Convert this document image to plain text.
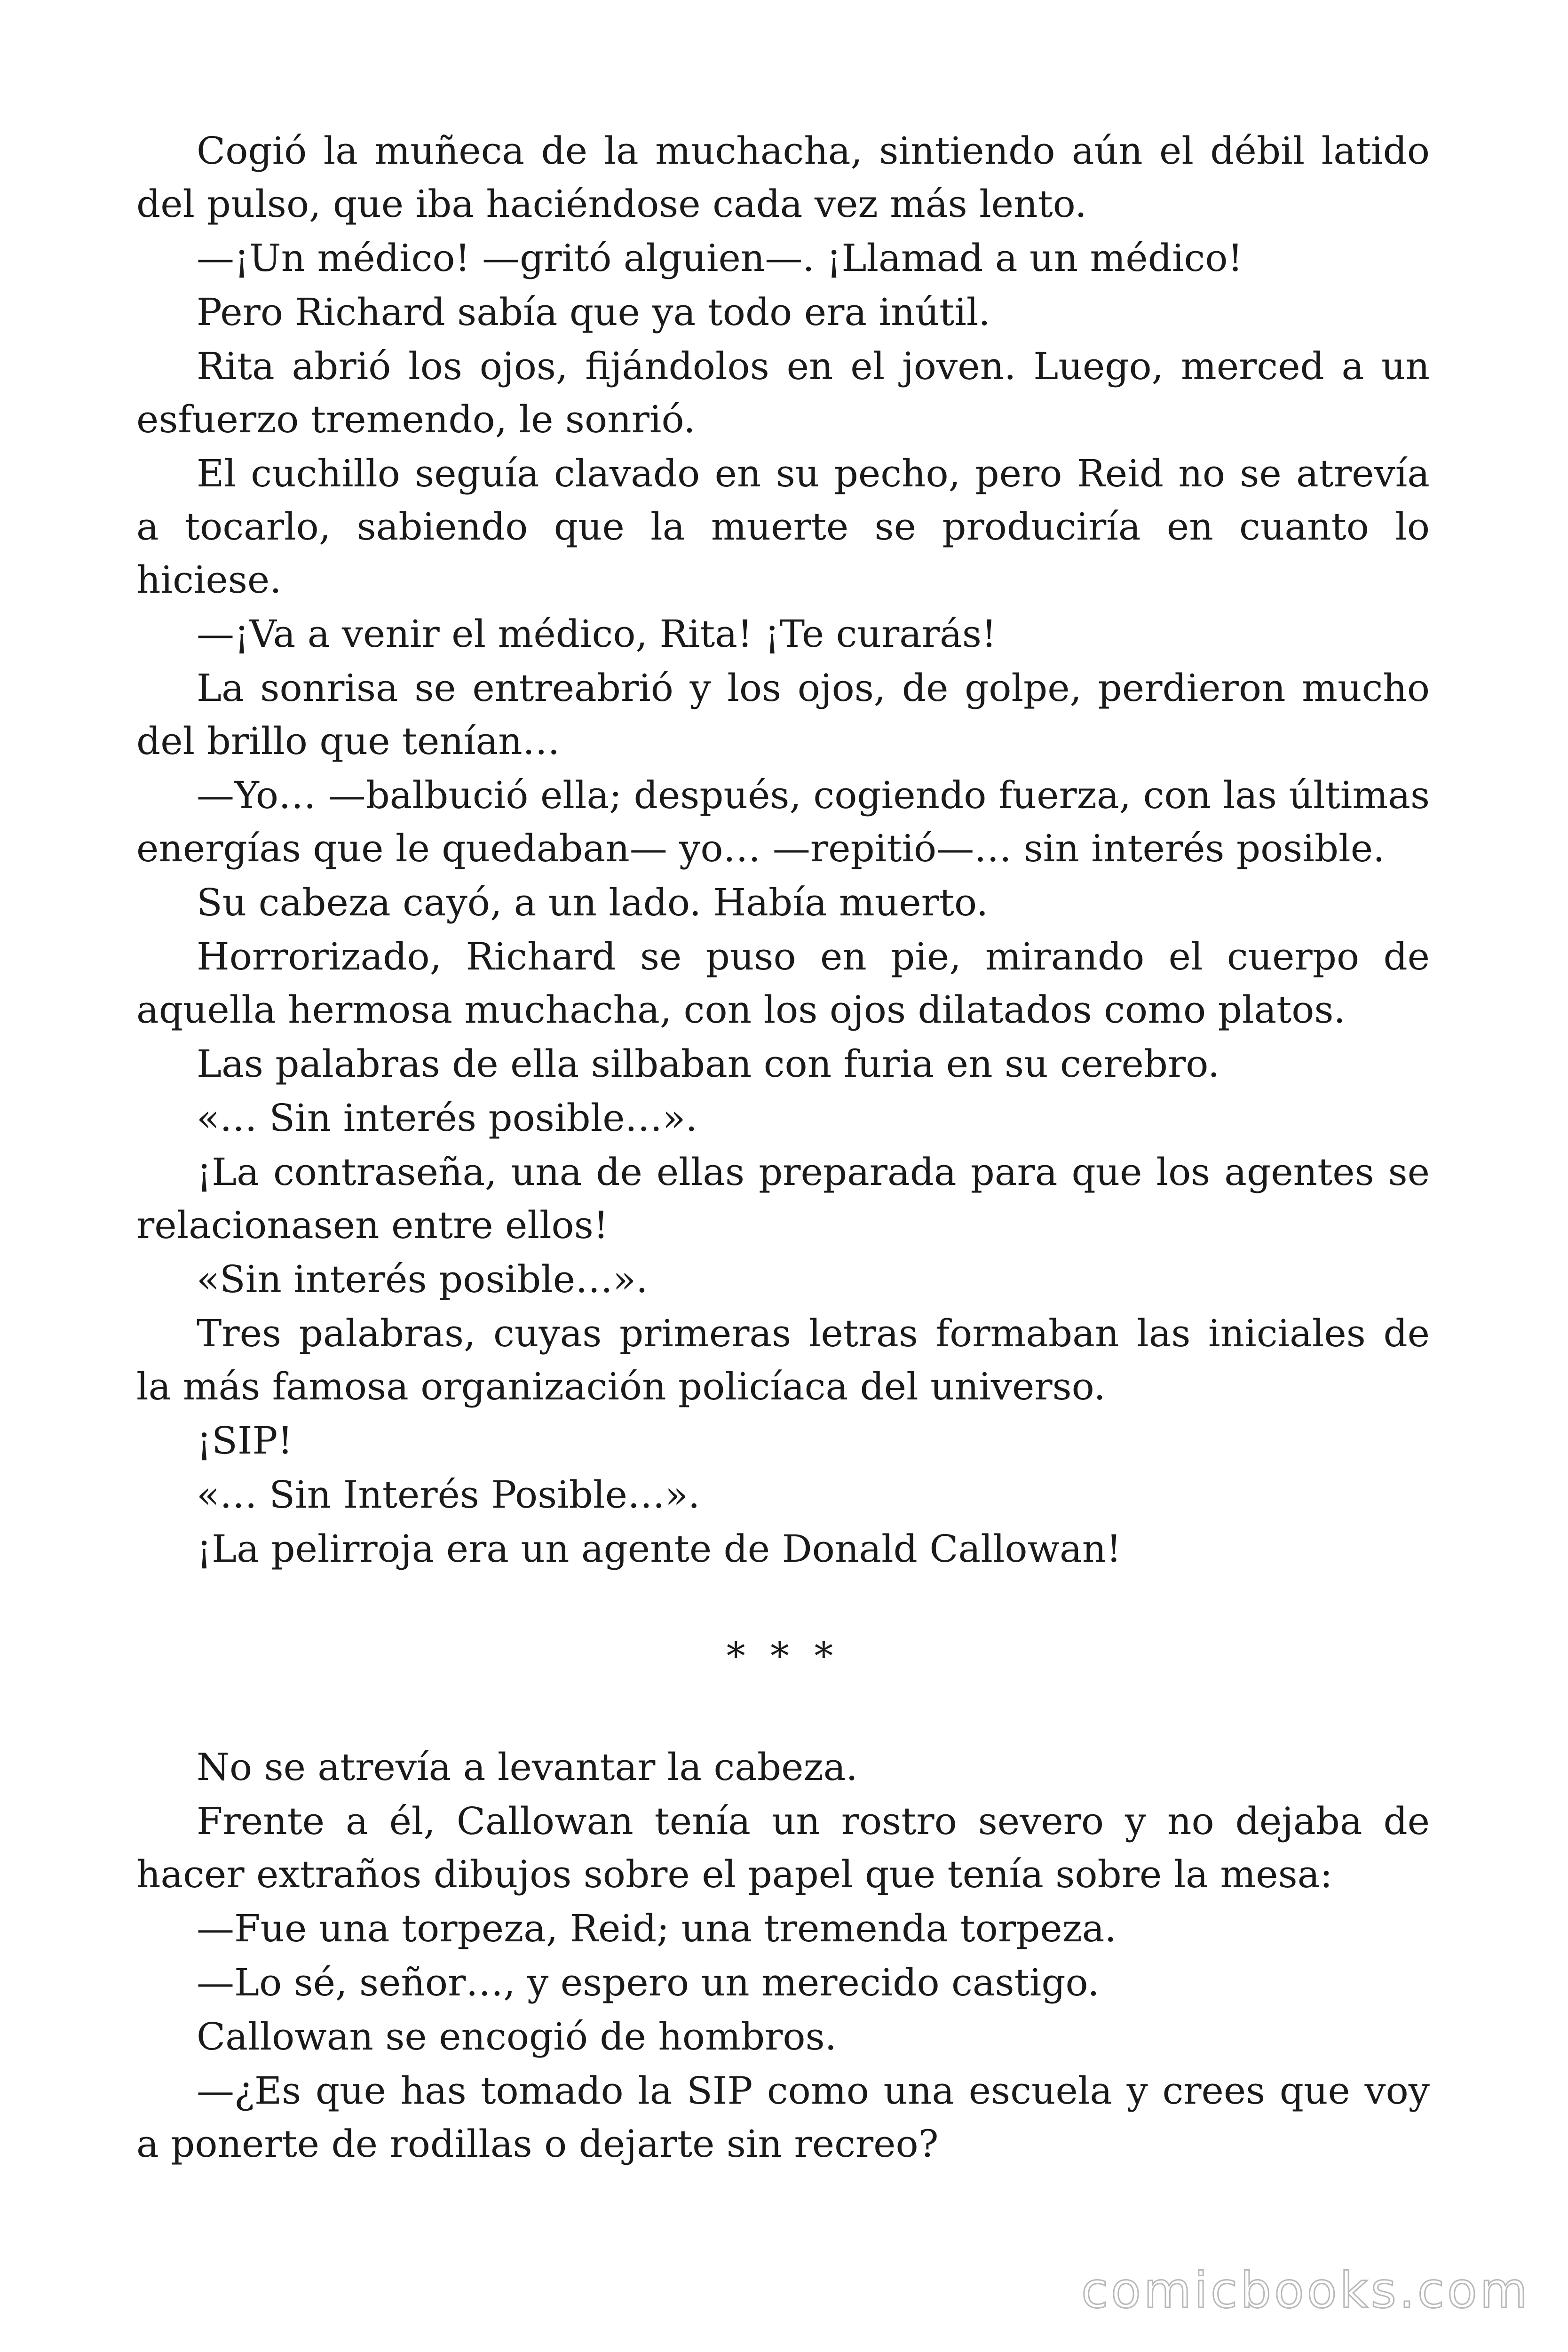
Cogió la muñeca de la muchacha, sintiendo aún el débil latido del pulso, que iba haciéndose cada vez más lento.

—¡Un médico! —gritó alguien—. ¡Llamad a un médico!

Pero Richard sabía que ya todo era inútil.

Rita abrió los ojos, fijándolos en el joven. Luego, merced a un esfuerzo tremendo, le sonrió.

El cuchillo seguía clavado en su pecho, pero Reid no se atrevía a tocarlo, sabiendo que la muerte se produciría en cuanto lo hiciese.

—¡Va a venir el médico, Rita! ¡Te curarás!

La sonrisa se entreabrió y los ojos, de golpe, perdieron mucho del brillo que tenían…

—Yo… —balbució ella; después, cogiendo fuerza, con las últimas energías que le quedaban— yo… —repitió—… sin interés posible.

Su cabeza cayó, a un lado. Había muerto.

Horrorizado, Richard se puso en pie, mirando el cuerpo de aquella hermosa muchacha, con los ojos dilatados como platos.

Las palabras de ella silbaban con furia en su cerebro.

«… Sin interés posible…».

¡La contraseña, una de ellas preparada para que los agentes se relacionasen entre ellos!

«Sin interés posible…».

Tres palabras, cuyas primeras letras formaban las iniciales de la más famosa organización policíaca del universo.

¡SIP!

«… Sin Interés Posible…».

¡La pelirroja era un agente de Donald Callowan!

* * *

No se atrevía a levantar la cabeza.

Frente a él, Callowan tenía un rostro severo y no dejaba de hacer extraños dibujos sobre el papel que tenía sobre la mesa:

—Fue una torpeza, Reid; una tremenda torpeza.

—Lo sé, señor…, y espero un merecido castigo.

Callowan se encogió de hombros.

—¿Es que has tomado la SIP como una escuela y crees que voy a ponerte de rodillas o dejarte sin recreo?

comicbooks.com
